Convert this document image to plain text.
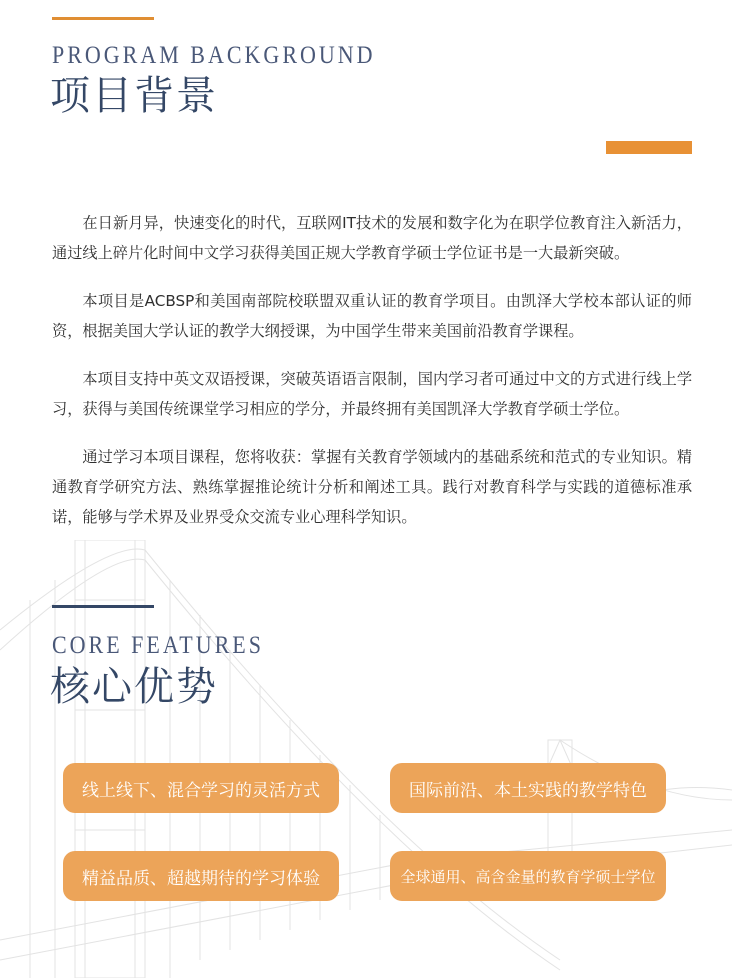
PROGRAM BACKGROUND
项目背景

在日新月异，快速变化的时代，互联网IT技术的发展和数字化为在职学位教育注入新活力，通过线上碎片化时间中文学习获得美国正规大学教育学硕士学位证书是一大最新突破。

本项目是ACBSP和美国南部院校联盟双重认证的教育学项目。由凯泽大学校本部认证的师资，根据美国大学认证的教学大纲授课，为中国学生带来美国前沿教育学课程。

本项目支持中英文双语授课，突破英语语言限制，国内学习者可通过中文的方式进行线上学习，获得与美国传统课堂学习相应的学分，并最终拥有美国凯泽大学教育学硕士学位。

通过学习本项目课程，您将收获：掌握有关教育学领域内的基础系统和范式的专业知识。精通教育学研究方法、熟练掌握推论统计分析和阐述工具。践行对教育科学与实践的道德标准承诺，能够与学术界及业界受众交流专业心理科学知识。

CORE FEATURES
核心优势
线上线下、混合学习的灵活方式	国际前沿、本土实践的教学特色
精益品质、超越期待的学习体验	全球通用、高含金量的教育学硕士学位
